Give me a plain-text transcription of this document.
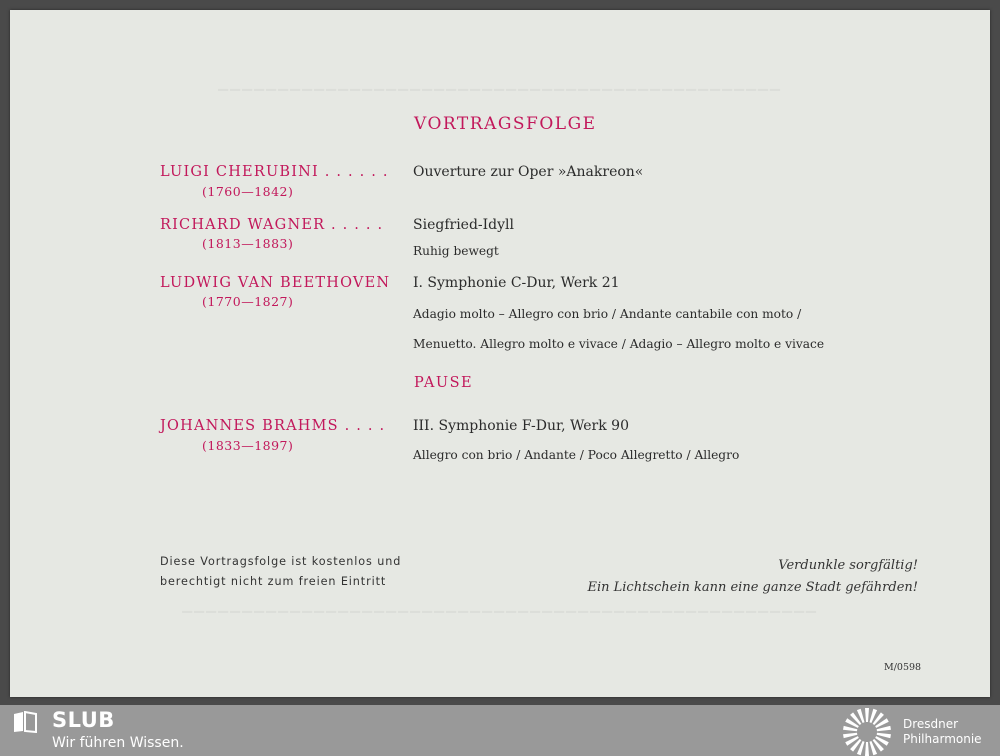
▔▔▔▔▔▔▔▔▔▔▔▔▔▔▔▔▔▔▔▔▔▔▔▔▔▔▔▔▔▔▔▔▔▔▔▔▔▔▔▔▔▔▔▔▔▔▔
▔▔▔▔▔▔▔▔▔▔▔▔▔▔▔▔▔▔▔▔▔▔▔▔▔▔▔▔▔▔▔▔▔▔▔▔▔▔▔▔▔▔▔▔▔▔▔▔▔▔▔▔▔
VORTRAGSFOLGE
LUIGI CHERUBINI . . . . . .
(1760—1842)
Ouverture zur Oper »Anakreon«
RICHARD WAGNER . . . . .
(1813—1883)
Siegfried-Idyll
Ruhig bewegt
LUDWIG VAN BEETHOVEN
(1770—1827)
I. Symphonie C-Dur, Werk 21
Adagio molto – Allegro con brio / Andante cantabile con moto /
Menuetto. Allegro molto e vivace / Adagio – Allegro molto e vivace
PAUSE
JOHANNES BRAHMS . . . .
(1833—1897)
III. Symphonie F-Dur, Werk 90
Allegro con brio / Andante / Poco Allegretto / Allegro
Diese Vortragsfolge ist kostenlos und
berechtigt nicht zum freien Eintritt
Verdunkle sorgfältig!
Ein Lichtschein kann eine ganze Stadt gefährden!
M/0598
SLUB
Wir führen Wissen.
Dresdner
Philharmonie
